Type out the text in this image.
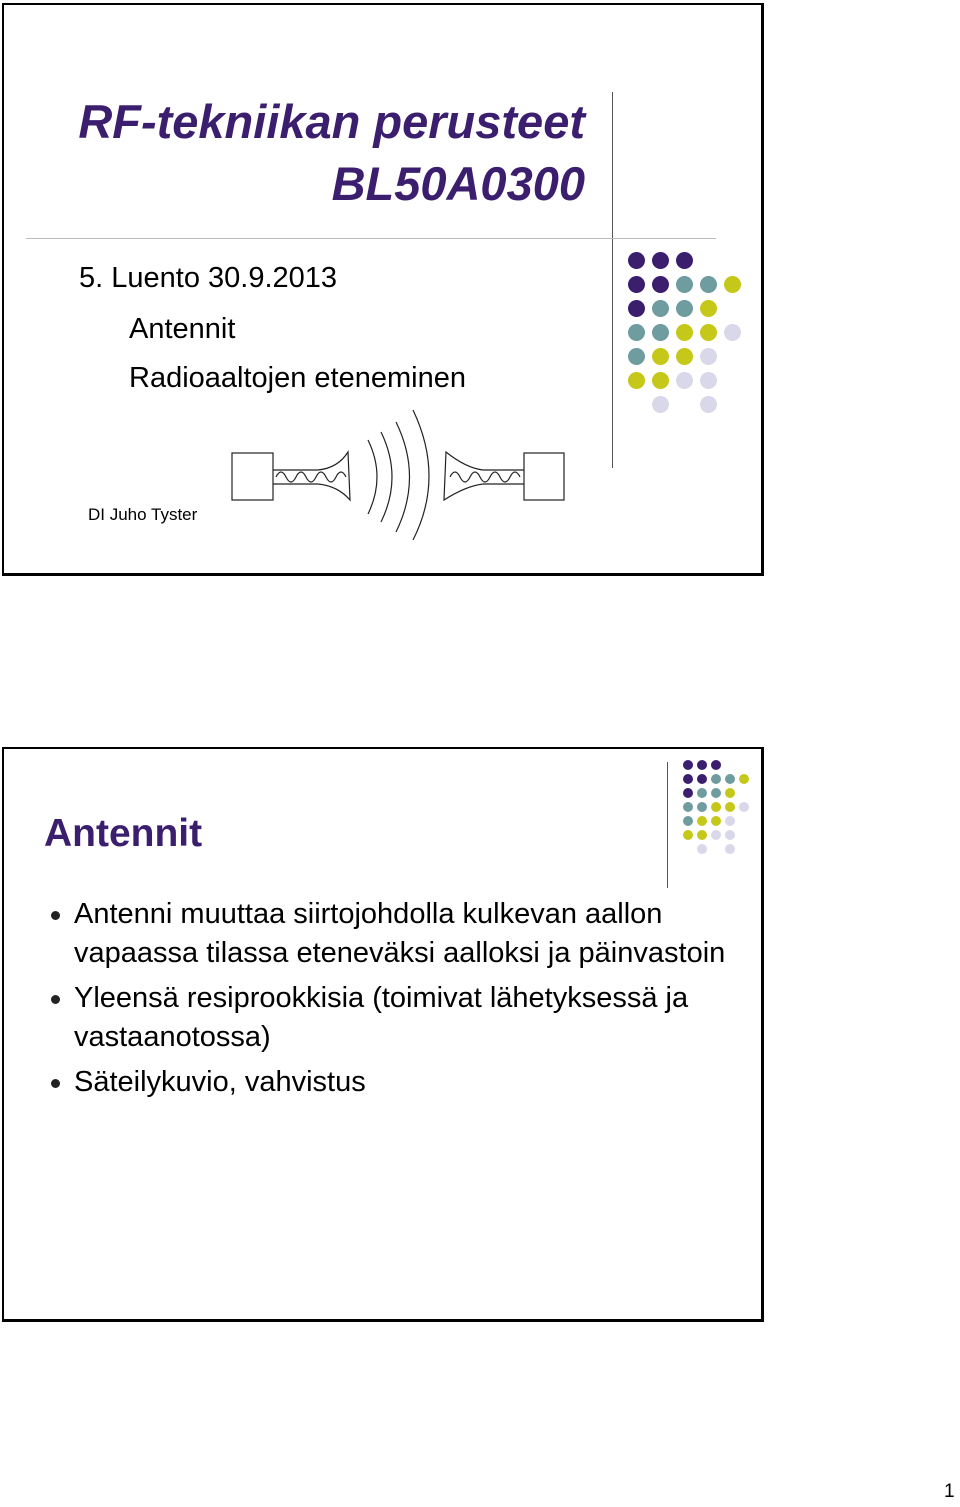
RF-tekniikan perusteet
BL50A0300
5. Luento 30.9.2013
Antennit
Radioaaltojen eteneminen
DI Juho Tyster
Antennit
Antenni muuttaa siirtojohdolla kulkevan aallon vapaassa tilassa eteneväksi aalloksi ja päinvastoin
Yleensä resiprookkisia (toimivat lähetyksessä ja vastaanotossa)
Säteilykuvio, vahvistus
1
